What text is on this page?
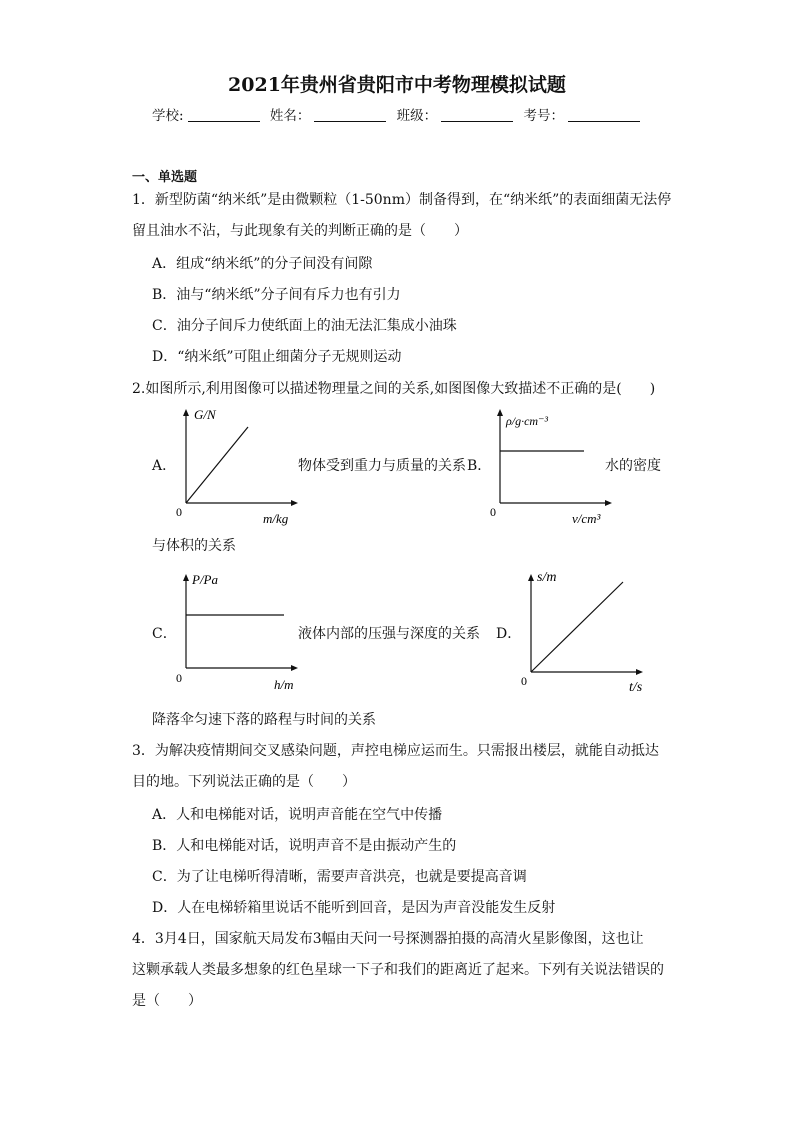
2021年贵州省贵阳市中考物理模拟试题
学校:	姓名：	班级：	考号：
一、单选题
1．新型防菌“纳米纸”是由微颗粒（1-50nm）制备得到，在“纳米纸”的表面细菌无法停
留且油水不沾，与此现象有关的判断正确的是（　　）
A．组成“纳米纸”的分子间没有间隙
B．油与“纳米纸”分子间有斥力也有引力
C．油分子间斥力使纸面上的油无法汇集成小油珠
D．“纳米纸”可阻止细菌分子无规则运动
2.如图所示,利用图像可以描述物理量之间的关系,如图图像大致描述不正确的是(　　)
A．
G/N
0	m/kg
物体受到重力与质量的关系 B．
ρ/g·cm⁻³
0	v/cm³
水的密度
与体积的关系
C．
P/Pa
0	h/m
液体内部的压强与深度的关系 D．
s/m
0	t/s
降落伞匀速下落的路程与时间的关系
3．为解决疫情期间交叉感染问题，声控电梯应运而生。只需报出楼层，就能自动抵达
目的地。下列说法正确的是（　　）
A．人和电梯能对话，说明声音能在空气中传播
B．人和电梯能对话，说明声音不是由振动产生的
C．为了让电梯听得清晰，需要声音洪亮，也就是要提高音调
D．人在电梯轿箱里说话不能听到回音，是因为声音没能发生反射
4．3月4日，国家航天局发布3幅由天问一号探测器拍摄的高清火星影像图，这也让
这颗承载人类最多想象的红色星球一下子和我们的距离近了起来。下列有关说法错误的
是（　　）
